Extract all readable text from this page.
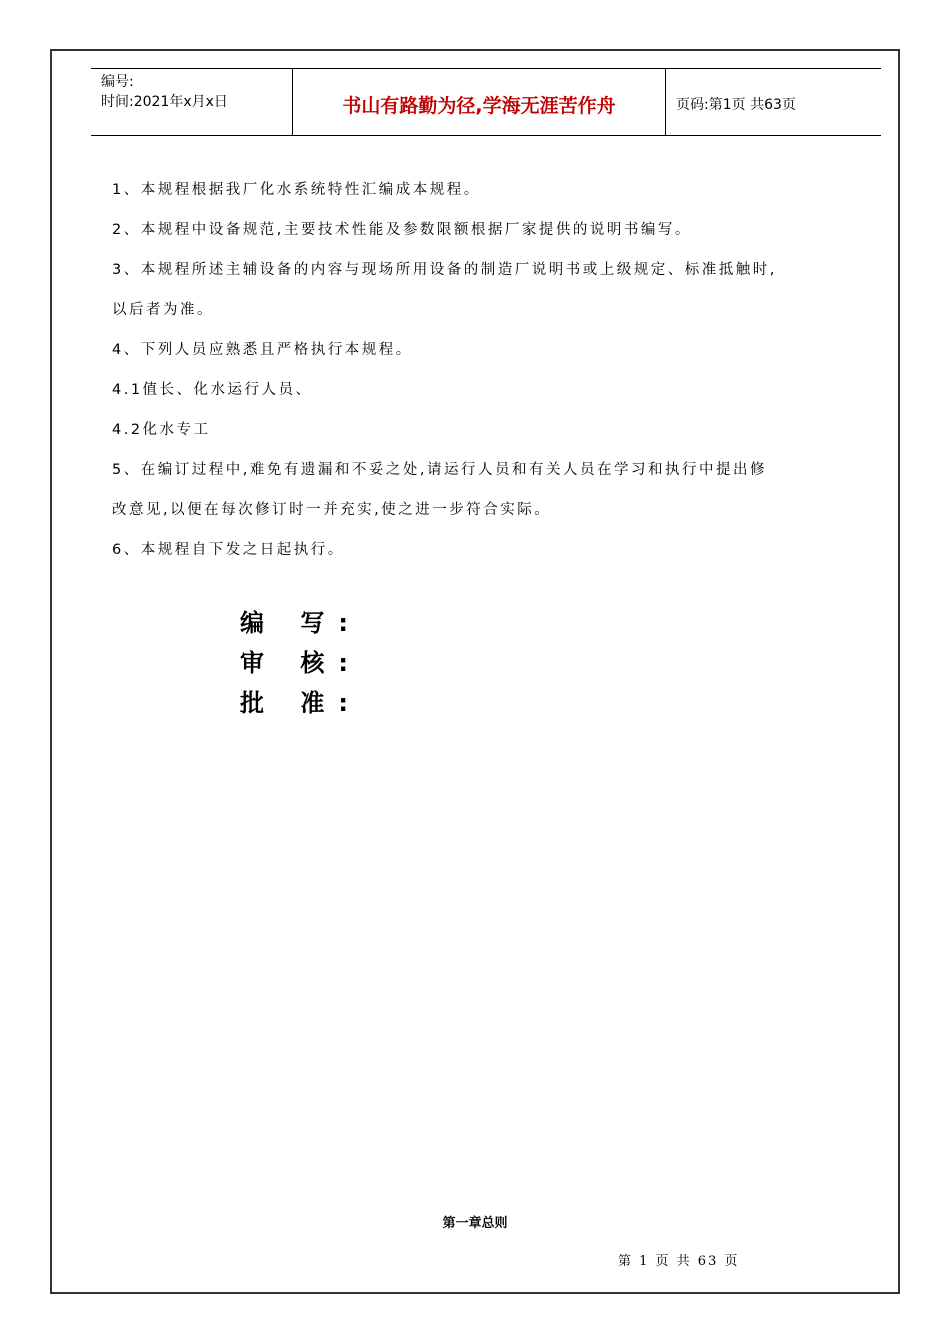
编号:
时间:2021年x月x日	书山有路勤为径,学海无涯苦作舟	页码:第1页 共63页

1、本规程根据我厂化水系统特性汇编成本规程。

2、本规程中设备规范,主要技术性能及参数限额根据厂家提供的说明书编写。

3、本规程所述主辅设备的内容与现场所用设备的制造厂说明书或上级规定、标准抵触时,

以后者为准。

4、下列人员应熟悉且严格执行本规程。

4.1值长、化水运行人员、

4.2化水专工

5、在编订过程中,难免有遗漏和不妥之处,请运行人员和有关人员在学习和执行中提出修

改意见,以便在每次修订时一并充实,使之进一步符合实际。

6、本规程自下发之日起执行。

编 写:

审 核:

批 准:

第一章总则
第 1 页 共 63 页
